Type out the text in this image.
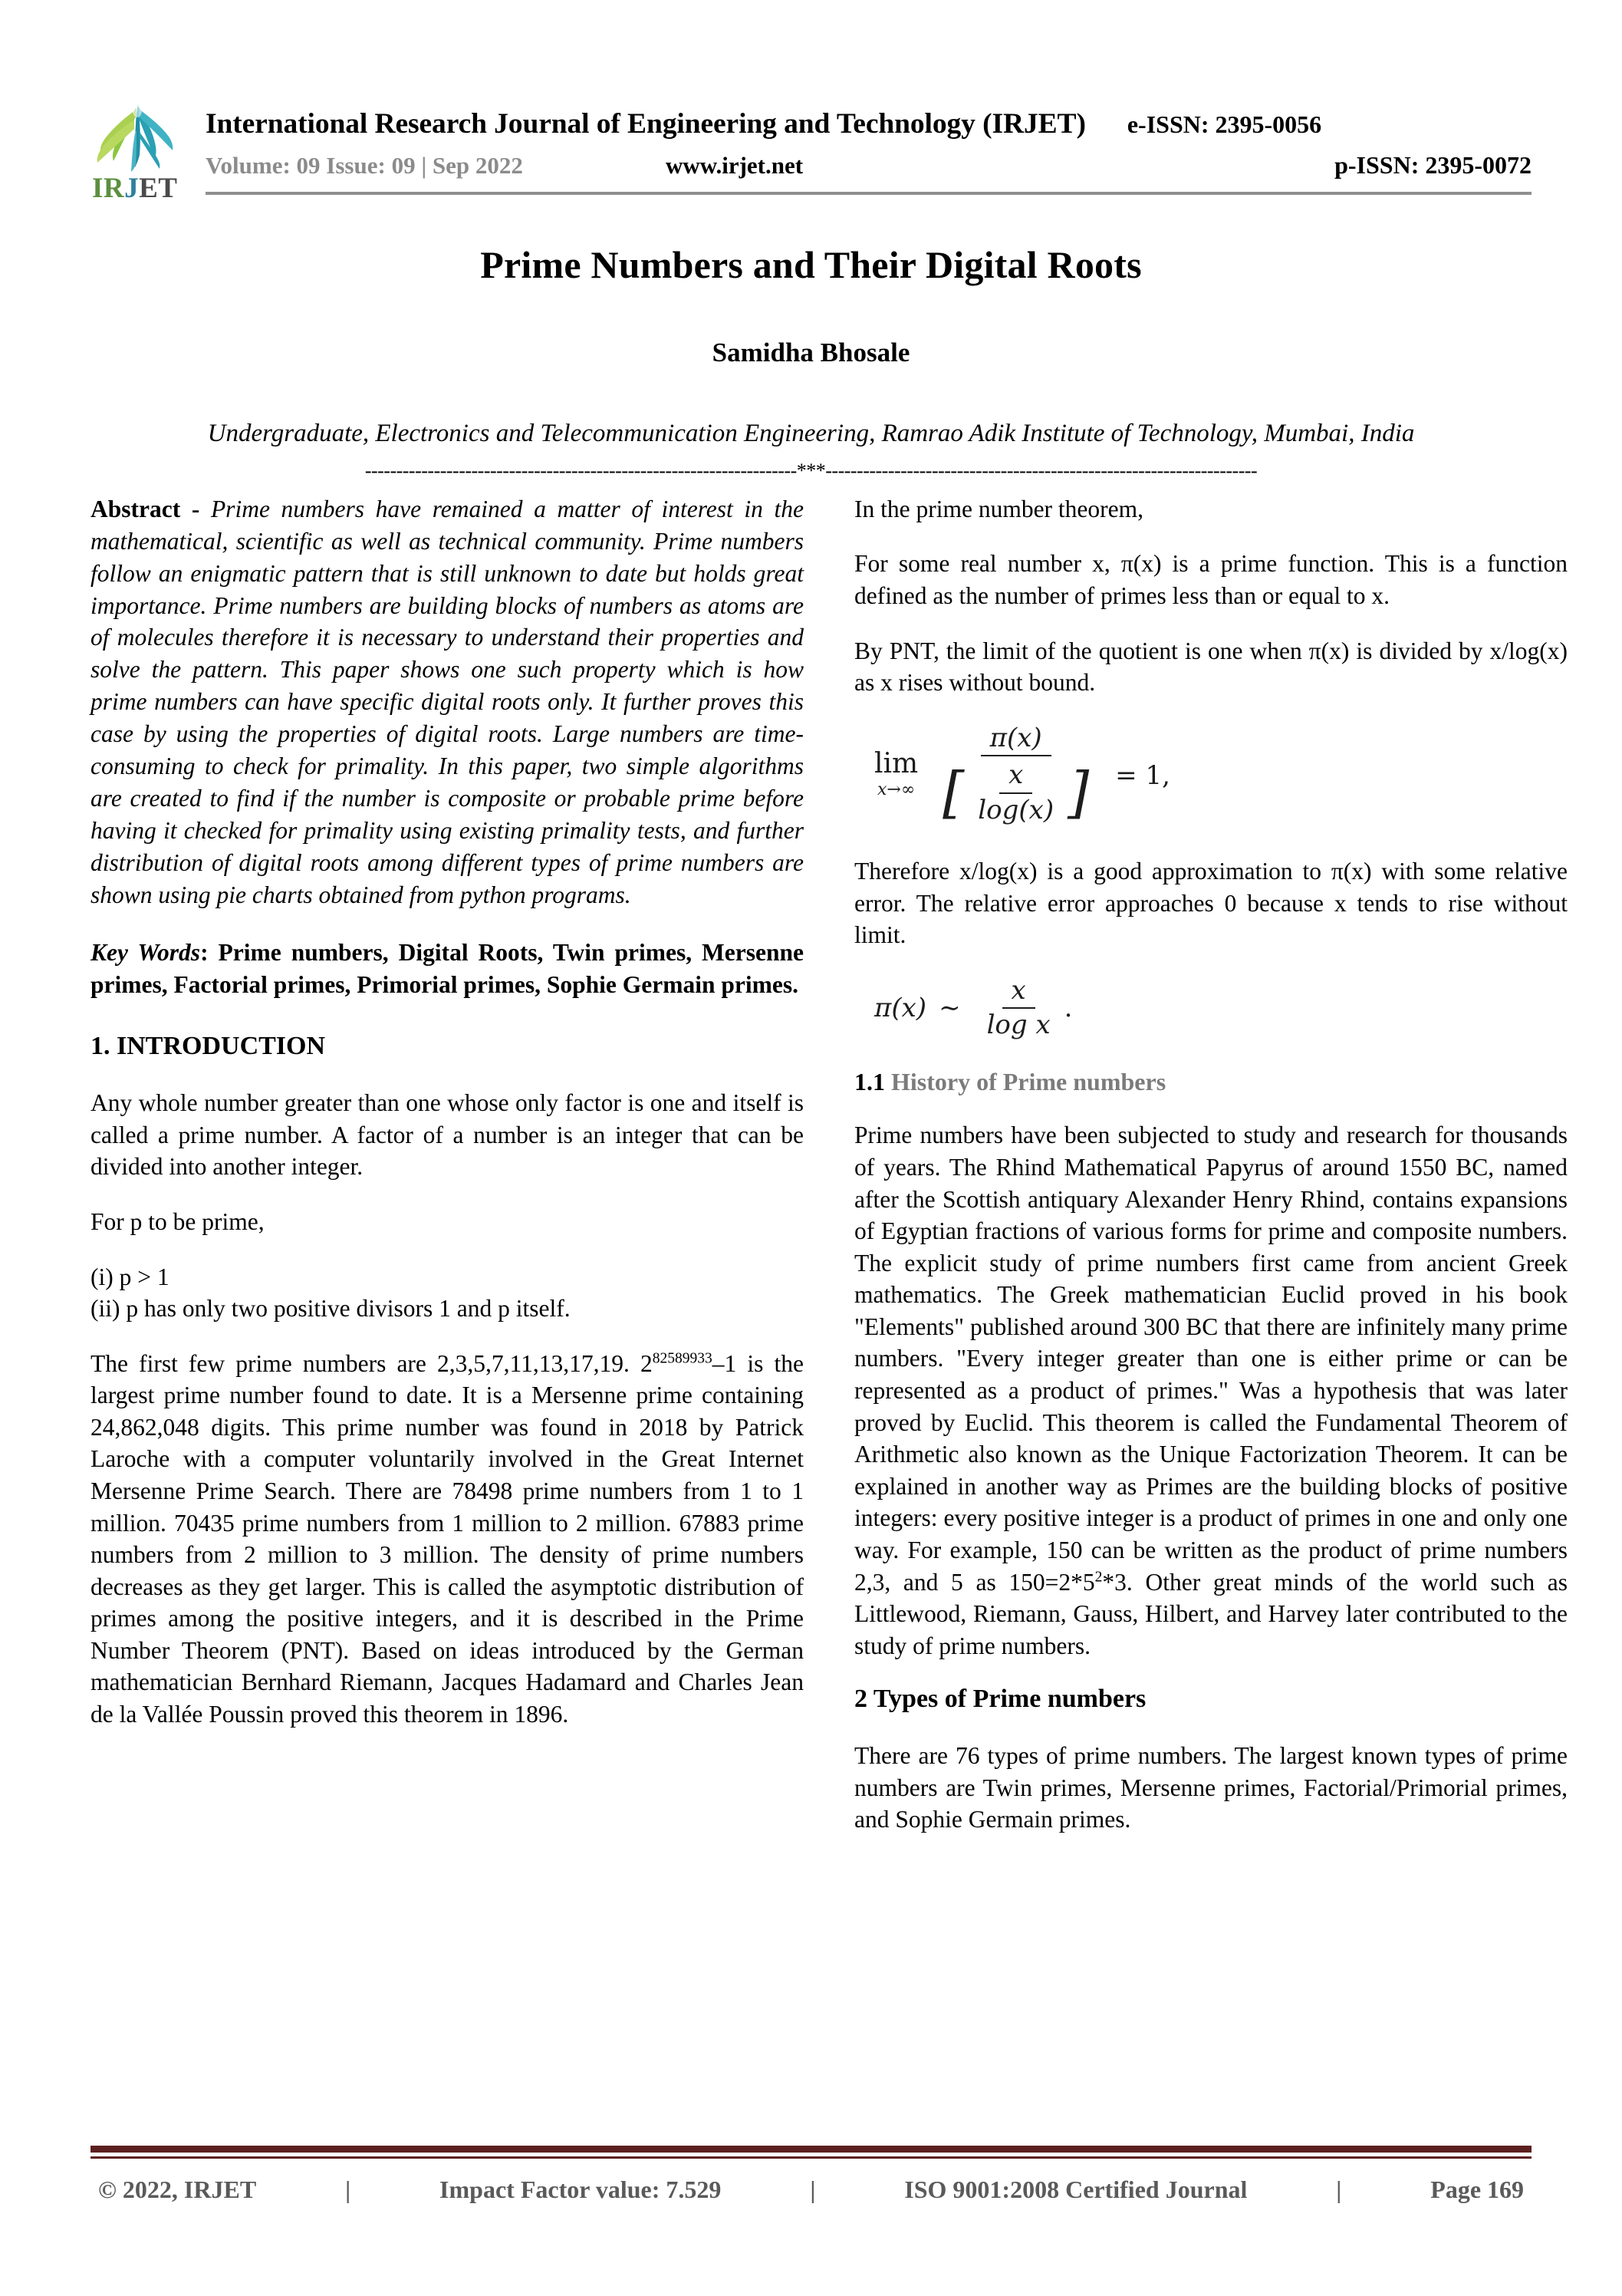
IRJET
International Research Journal of Engineering and Technology (IRJET) e-ISSN: 2395-0056
Volume: 09 Issue: 09 | Sep 2022	www.irjet.net	p-ISSN: 2395-0072
Prime Numbers and Their Digital Roots
Samidha Bhosale
Undergraduate, Electronics and Telecommunication Engineering, Ramrao Adik Institute of Technology, Mumbai, India
---------------------------------------------------------------------***---------------------------------------------------------------------

Abstract - Prime numbers have remained a matter of interest in the mathematical, scientific as well as technical community. Prime numbers follow an enigmatic pattern that is still unknown to date but holds great importance. Prime numbers are building blocks of numbers as atoms are of molecules therefore it is necessary to understand their properties and solve the pattern. This paper shows one such property which is how prime numbers can have specific digital roots only. It further proves this case by using the properties of digital roots. Large numbers are time-consuming to check for primality. In this paper, two simple algorithms are created to find if the number is composite or probable prime before having it checked for primality using existing primality tests, and further distribution of digital roots among different types of prime numbers are shown using pie charts obtained from python programs.

Key Words: Prime numbers, Digital Roots, Twin primes, Mersenne primes, Factorial primes, Primorial primes, Sophie Germain primes.

1. INTRODUCTION

Any whole number greater than one whose only factor is one and itself is called a prime number. A factor of a number is an integer that can be divided into another integer.

For p to be prime,

(i) p > 1

(ii) p has only two positive divisors 1 and p itself.

The first few prime numbers are 2,3,5,7,11,13,17,19. $2^{82589933}-1$ is the largest prime number found to date. It is a Mersenne prime containing 24,862,048 digits. This prime number was found in 2018 by Patrick Laroche with a computer voluntarily involved in the Great Internet Mersenne Prime Search. There are 78498 prime numbers from 1 to 1 million. 70435 prime numbers from 1 million to 2 million. 67883 prime numbers from 2 million to 3 million. The density of prime numbers decreases as they get larger. This is called the asymptotic distribution of primes among the positive integers, and it is described in the Prime Number Theorem (PNT). Based on ideas introduced by the German mathematician Bernhard Riemann, Jacques Hadamard and Charles Jean de la Vallée Poussin proved this theorem in 1896.

In the prime number theorem,

For some real number x, π(x) is a prime function. This is a function defined as the number of primes less than or equal to x.

By PNT, the limit of the quotient is one when π(x) is divided by x/log(x) as x rises without bound.

lim
x→∞
π(x)
[ $\frac{x}{\log(x)}$ ] = 1,

Therefore x/log(x) is a good approximation to π(x) with some relative error. The relative error approaches 0 because x tends to rise without limit.

π(x) ∼ $\frac{x}{\text{log x}}$ .
1.1 History of Prime numbers

Prime numbers have been subjected to study and research for thousands of years. The Rhind Mathematical Papyrus of around 1550 BC, named after the Scottish antiquary Alexander Henry Rhind, contains expansions of Egyptian fractions of various forms for prime and composite numbers. The explicit study of prime numbers first came from ancient Greek mathematics. The Greek mathematician Euclid proved in his book "Elements" published around 300 BC that there are infinitely many prime numbers. "Every integer greater than one is either prime or can be represented as a product of primes." Was a hypothesis that was later proved by Euclid. This theorem is called the Fundamental Theorem of Arithmetic also known as the Unique Factorization Theorem. It can be explained in another way as Primes are the building blocks of positive integers: every positive integer is a product of primes in one and only one way. For example, 150 can be written as the product of prime numbers 2,3, and 5 as $150=2*5^2*3$. Other great minds of the world such as Littlewood, Riemann, Gauss, Hilbert, and Harvey later contributed to the study of prime numbers.

2 Types of Prime numbers

There are 76 types of prime numbers. The largest known types of prime numbers are Twin primes, Mersenne primes, Factorial/Primorial primes, and Sophie Germain primes.

© 2022, IRJET	|	Impact Factor value: 7.529	|	ISO 9001:2008 Certified Journal	|	Page 169
